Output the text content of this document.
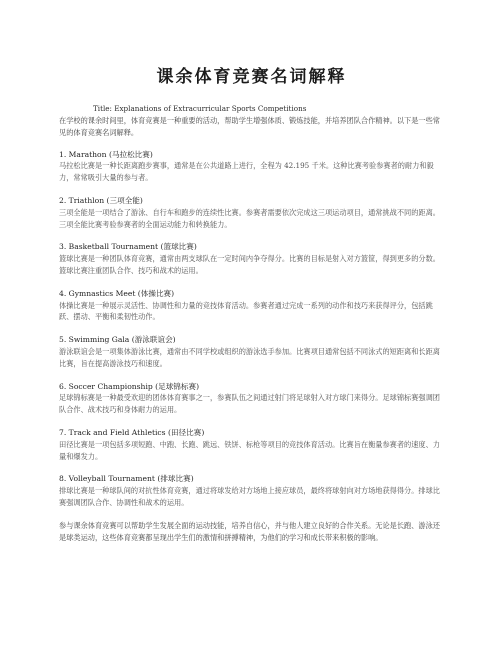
课余体育竞赛名词解释
Title: Explanations of Extracurricular Sports Competitions

在学校的课余时间里，体育竞赛是一种重要的活动，帮助学生增强体质、锻炼技能，并培养团队合作精神。以下是一些常见的体育竞赛名词解释。

1. Marathon (马拉松比赛)

马拉松比赛是一种长距离跑步赛事，通常是在公共道路上进行，全程为 42.195 千米。这种比赛考验参赛者的耐力和毅力，常常吸引大量的参与者。

2. Triathlon (三项全能)

三项全能是一项结合了游泳、自行车和跑步的连续性比赛。参赛者需要依次完成这三项运动项目，通常挑战不同的距离。三项全能比赛考验参赛者的全面运动能力和转换能力。

3. Basketball Tournament (篮球比赛)

篮球比赛是一种团队体育竞赛，通常由两支球队在一定时间内争夺得分。比赛的目标是射入对方篮筐，得到更多的分数。篮球比赛注重团队合作、技巧和战术的运用。

4. Gymnastics Meet (体操比赛)

体操比赛是一种展示灵活性、协调性和力量的竞技体育活动。参赛者通过完成一系列的动作和技巧来获得评分，包括跳跃、摆动、平衡和柔韧性动作。

5. Swimming Gala (游泳联谊会)

游泳联谊会是一项集体游泳比赛，通常由不同学校或组织的游泳选手参加。比赛项目通常包括不同泳式的短距离和长距离比赛，旨在提高游泳技巧和速度。

6. Soccer Championship (足球锦标赛)

足球锦标赛是一种最受欢迎的团体体育赛事之一，参赛队伍之间通过射门将足球射入对方球门来得分。足球锦标赛强调团队合作、战术技巧和身体耐力的运用。

7. Track and Field Athletics (田径比赛)

田径比赛是一项包括多项短跑、中跑、长跑、跳远、铁饼、标枪等项目的竞技体育活动。比赛旨在衡量参赛者的速度、力量和爆发力。

8. Volleyball Tournament (排球比赛)

排球比赛是一种球队间的对抗性体育竞赛，通过将球发给对方场地上接应球员，最终将球射向对方场地获得得分。排球比赛强调团队合作、协调性和战术的运用。

参与课余体育竞赛可以帮助学生发展全面的运动技能，培养自信心，并与他人建立良好的合作关系。无论是长跑、游泳还是球类运动，这些体育竞赛都呈现出学生们的激情和拼搏精神，为他们的学习和成长带来积极的影响。
